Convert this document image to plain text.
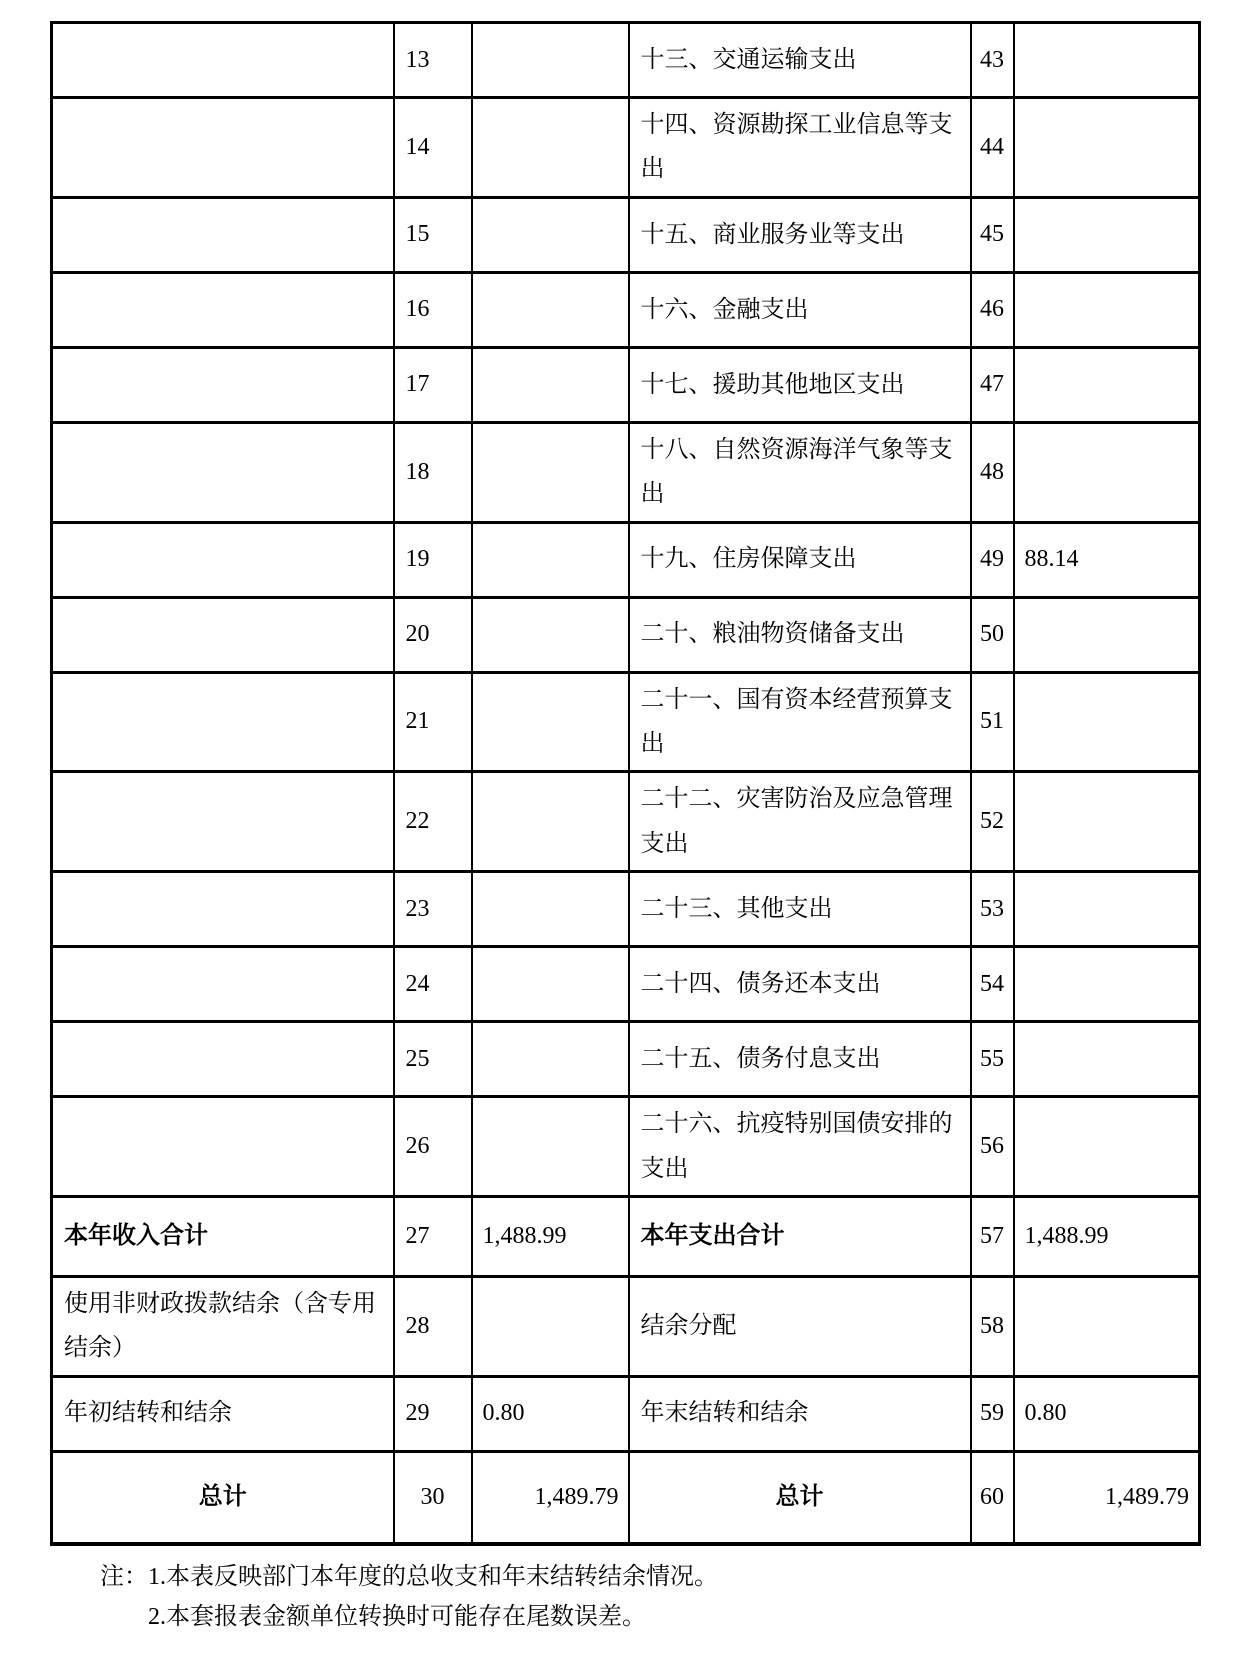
	13		十三、交通运输支出	43	
	14		十四、资源勘探工业信息等支出	44	
	15		十五、商业服务业等支出	45	
	16		十六、金融支出	46	
	17		十七、援助其他地区支出	47	
	18		十八、自然资源海洋气象等支出	48	
	19		十九、住房保障支出	49	88.14
	20		二十、粮油物资储备支出	50	
	21		二十一、国有资本经营预算支出	51	
	22		二十二、灾害防治及应急管理支出	52	
	23		二十三、其他支出	53	
	24		二十四、债务还本支出	54	
	25		二十五、债务付息支出	55	
	26		二十六、抗疫特别国债安排的支出	56	
本年收入合计	27	1,488.99	本年支出合计	57	1,488.99
使用非财政拨款结余（含专用结余）	28		结余分配	58	
年初结转和结余	29	0.80	年末结转和结余	59	0.80
总计	30	1,489.79	总计	60	1,489.79

注：1.本表反映部门本年度的总收支和年末结转结余情况。

2.本套报表金额单位转换时可能存在尾数误差。
